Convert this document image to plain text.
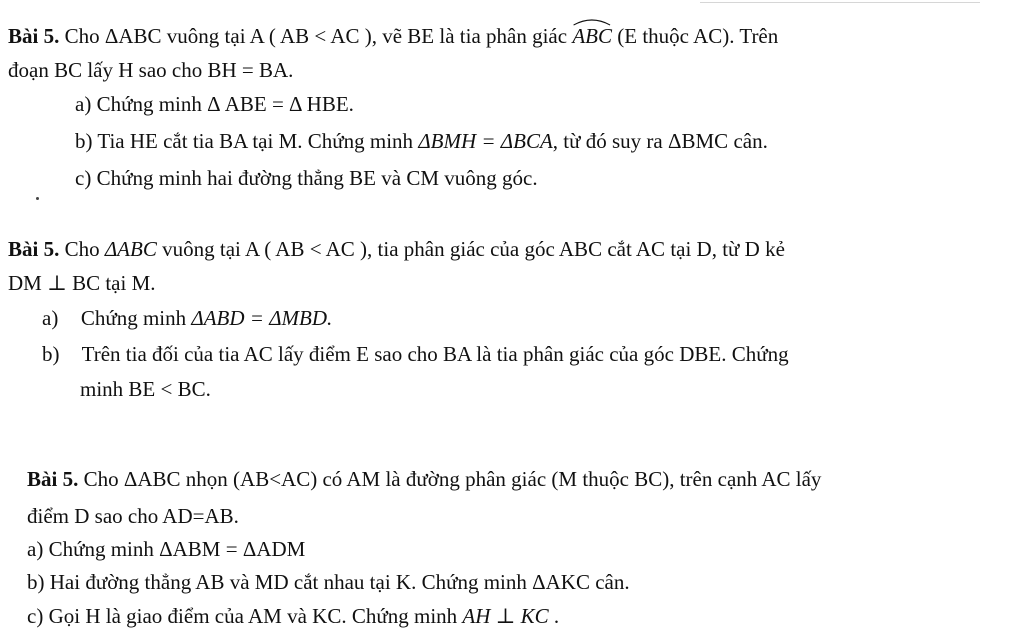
Bài 5. Cho ΔABC vuông tại A ( AB < AC ), vẽ BE là tia phân giác ABC (E thuộc AC). Trên
đoạn BC lấy H sao cho BH = BA.
a) Chứng minh Δ ABE = Δ HBE.
b) Tia HE cắt tia BA tại M. Chứng minh ΔBMH = ΔBCA, từ đó suy ra ΔBMC cân.
c) Chứng minh hai đường thẳng BE và CM vuông góc.
Bài 5. Cho ΔABC vuông tại A ( AB < AC ), tia phân giác của góc ABC cắt AC tại D, từ D kẻ
DM ⊥ BC tại M.
a) Chứng minh ΔABD = ΔMBD.
b) Trên tia đối của tia AC lấy điểm E sao cho BA là tia phân giác của góc DBE. Chứng
minh BE < BC.
Bài 5. Cho ΔABC nhọn (AB<AC) có AM là đường phân giác (M thuộc BC), trên cạnh AC lấy
điểm D sao cho AD=AB.
a) Chứng minh ΔABM = ΔADM
b) Hai đường thẳng AB và MD cắt nhau tại K. Chứng minh ΔAKC cân.
c) Gọi H là giao điểm của AM và KC. Chứng minh AH ⊥ KC .
